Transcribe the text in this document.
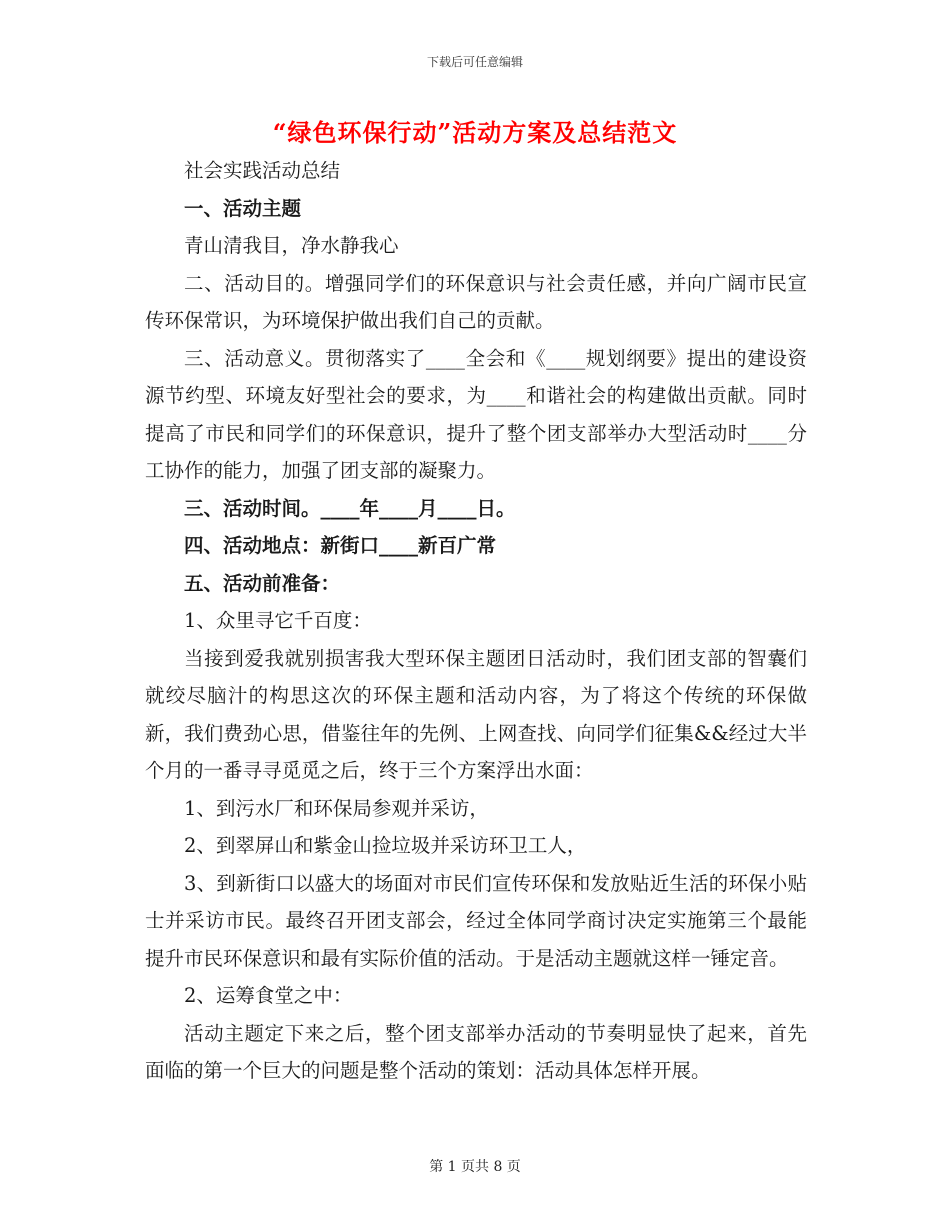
下载后可任意编辑
“绿色环保行动”活动方案及总结范文

社会实践活动总结

一、活动主题

青山清我目，净水静我心

二、活动目的。增强同学们的环保意识与社会责任感，并向广阔市民宣传环保常识，为环境保护做出我们自己的贡献。

三、活动意义。贯彻落实了____全会和《____规划纲要》提出的建设资源节约型、环境友好型社会的要求，为____和谐社会的构建做出贡献。同时提高了市民和同学们的环保意识，提升了整个团支部举办大型活动时____分工协作的能力，加强了团支部的凝聚力。

三、活动时间。____年____月____日。

四、活动地点：新街口____新百广常

五、活动前准备：

1、众里寻它千百度：

当接到爱我就别损害我大型环保主题团日活动时，我们团支部的智囊们就绞尽脑汁的构思这次的环保主题和活动内容，为了将这个传统的环保做新，我们费劲心思，借鉴往年的先例、上网查找、向同学们征集&&经过大半个月的一番寻寻觅觅之后，终于三个方案浮出水面：

1、到污水厂和环保局参观并采访，

2、到翠屏山和紫金山捡垃圾并采访环卫工人，

3、到新街口以盛大的场面对市民们宣传环保和发放贴近生活的环保小贴士并采访市民。最终召开团支部会，经过全体同学商讨决定实施第三个最能提升市民环保意识和最有实际价值的活动。于是活动主题就这样一锤定音。

2、运筹食堂之中：

活动主题定下来之后，整个团支部举办活动的节奏明显快了起来，首先面临的第一个巨大的问题是整个活动的策划：活动具体怎样开展。

第 1 页共 8 页
